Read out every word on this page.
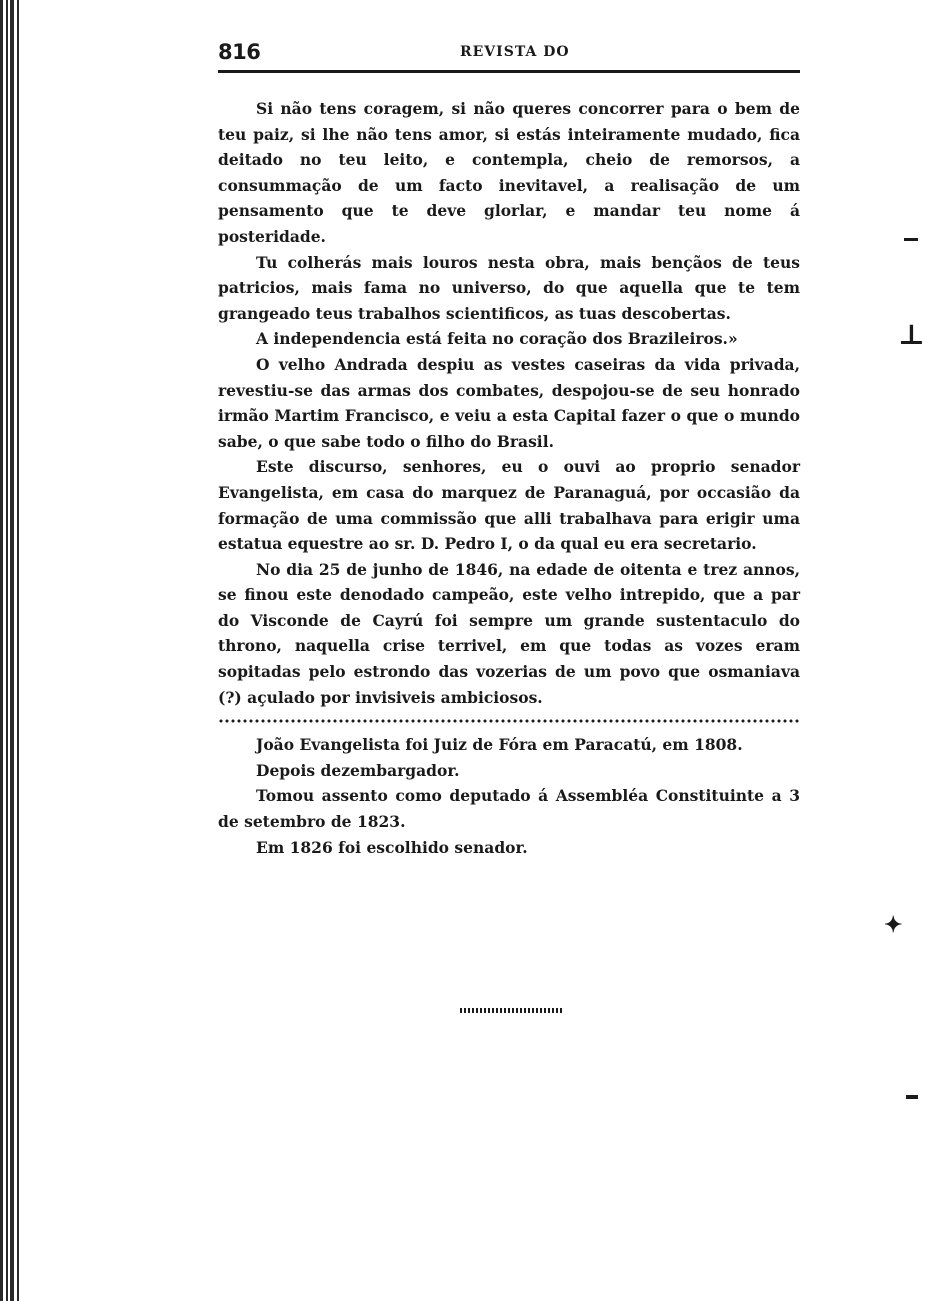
816	REVISTA DO

Si não tens coragem, si não queres concorrer para o bem de teu paiz, si lhe não tens amor, si estás inteiramente mudado, fica deitado no teu leito, e contempla, cheio de remorsos, a consummação de um facto inevitavel, a realisação de um pensamento que te deve glorlar, e mandar teu nome á posteridade.

Tu colherás mais louros nesta obra, mais bençãos de teus patricios, mais fama no universo, do que aquella que te tem grangeado teus trabalhos scientificos, as tuas descobertas.

A independencia está feita no coração dos Brazileiros.»

O velho Andrada despiu as vestes caseiras da vida privada, revestiu-se das armas dos combates, despojou-se de seu honrado irmão Martim Francisco, e veiu a esta Capital fazer o que o mundo sabe, o que sabe todo o filho do Brasil.

Este discurso, senhores, eu o ouvi ao proprio senador Evangelista, em casa do marquez de Paranaguá, por occasião da formação de uma commissão que alli trabalhava para erigir uma estatua equestre ao sr. D. Pedro I, o da qual eu era secretario.

No dia 25 de junho de 1846, na edade de oitenta e trez annos, se finou este denodado campeão, este velho intrepido, que a par do Visconde de Cayrú foi sempre um grande sustentaculo do throno, naquella crise terrivel, em que todas as vozes eram sopitadas pelo estrondo das vozerias de um povo que osmaniava (?) açulado por invisiveis ambiciosos.

João Evangelista foi Juiz de Fóra em Paracatú, em 1808.

Depois dezembargador.

Tomou assento como deputado á Assembléa Constituinte a 3 de setembro de 1823.

Em 1826 foi escolhido senador.

⊥
✦
